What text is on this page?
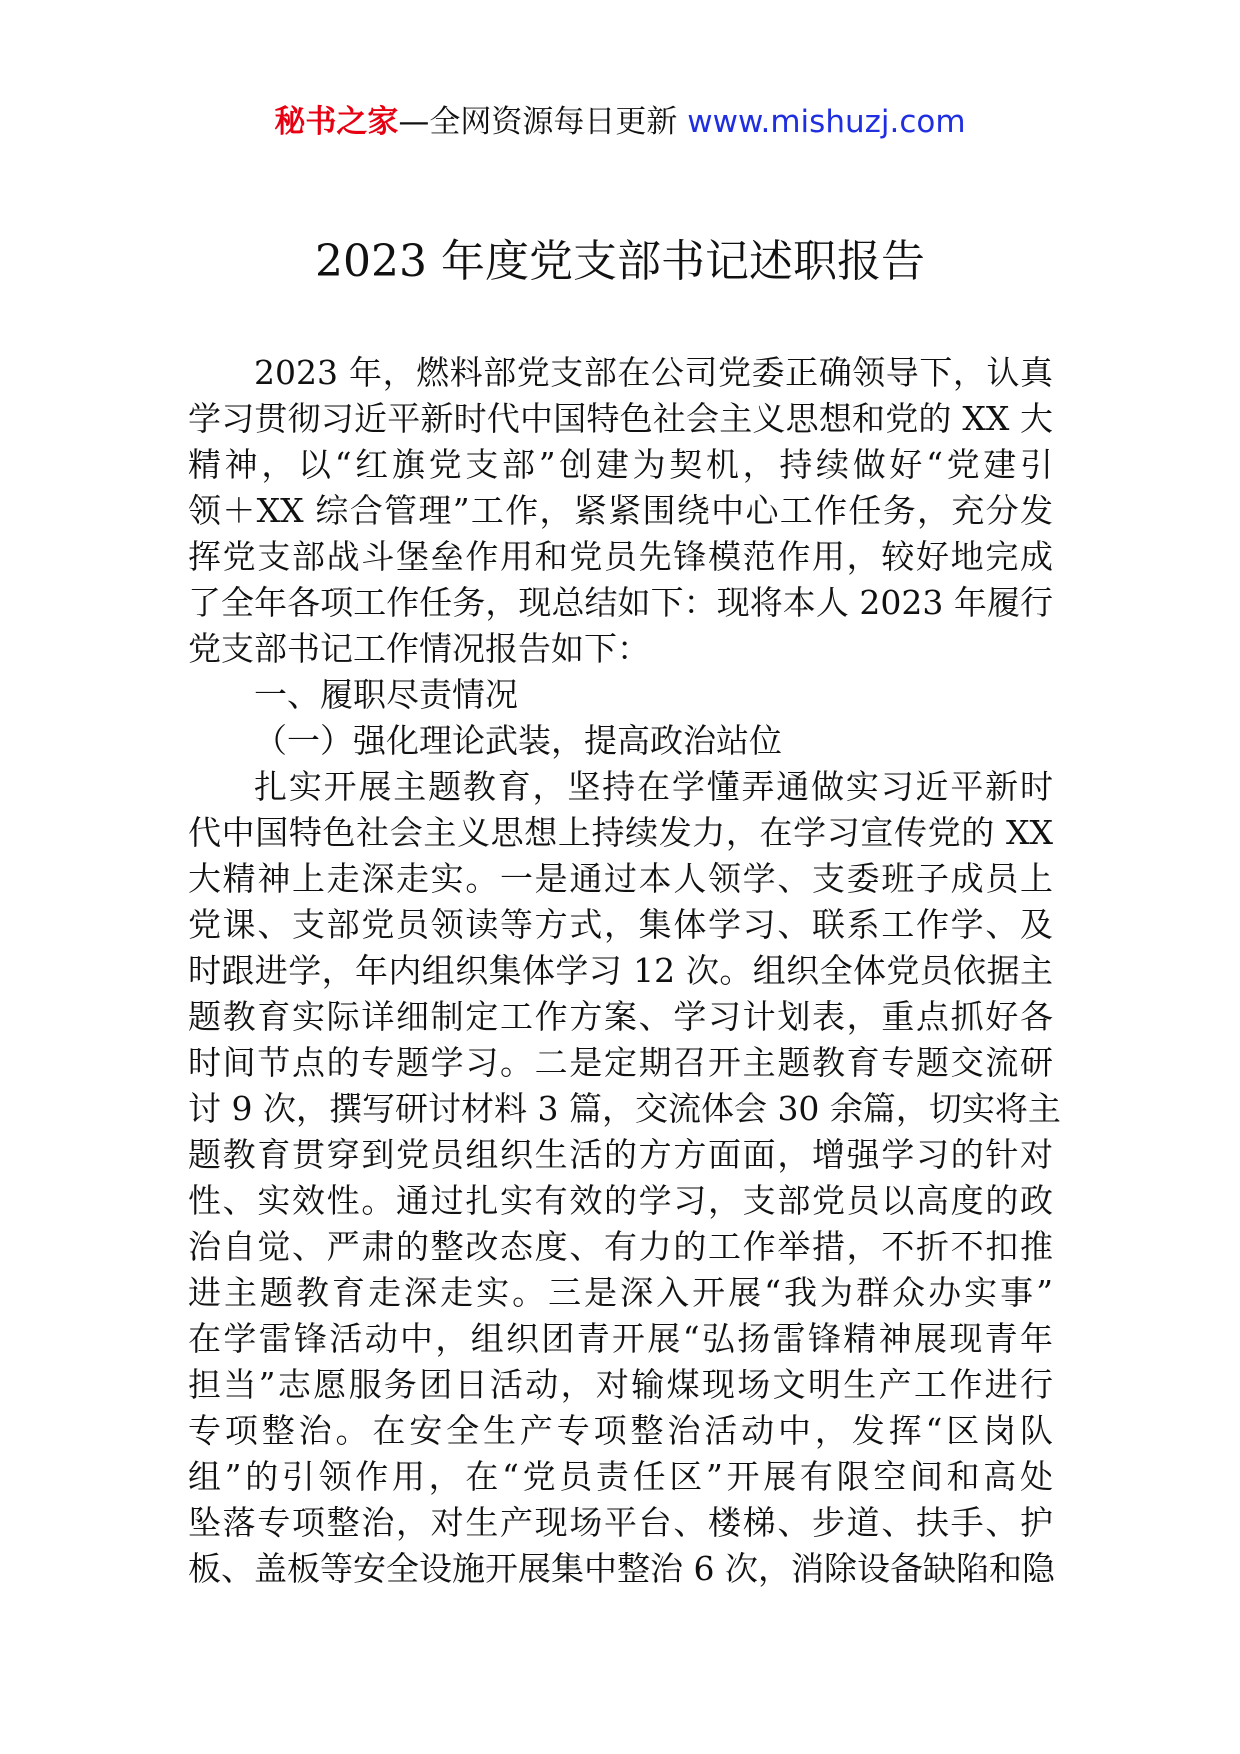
秘书之家—全网资源每日更新 www.mishuzj.com
2023 年度党支部书记述职报告
2023 年，燃料部党支部在公司党委正确领导下，认真
学习贯彻习近平新时代中国特色社会主义思想和党的 XX 大
精神，以“红旗党支部”创建为契机，持续做好“党建引
领＋XX 综合管理”工作，紧紧围绕中心工作任务，充分发
挥党支部战斗堡垒作用和党员先锋模范作用，较好地完成
了全年各项工作任务，现总结如下：现将本人 2023 年履行
党支部书记工作情况报告如下：
一、履职尽责情况
（一）强化理论武装，提高政治站位
扎实开展主题教育，坚持在学懂弄通做实习近平新时
代中国特色社会主义思想上持续发力，在学习宣传党的 XX
大精神上走深走实。一是通过本人领学、支委班子成员上
党课、支部党员领读等方式，集体学习、联系工作学、及
时跟进学，年内组织集体学习 12 次。组织全体党员依据主
题教育实际详细制定工作方案、学习计划表，重点抓好各
时间节点的专题学习。二是定期召开主题教育专题交流研
讨 9 次，撰写研讨材料 3 篇，交流体会 30 余篇，切实将主
题教育贯穿到党员组织生活的方方面面，增强学习的针对
性、实效性。通过扎实有效的学习，支部党员以高度的政
治自觉、严肃的整改态度、有力的工作举措，不折不扣推
进主题教育走深走实。三是深入开展“我为群众办实事”
在学雷锋活动中，组织团青开展“弘扬雷锋精神展现青年
担当”志愿服务团日活动，对输煤现场文明生产工作进行
专项整治。在安全生产专项整治活动中，发挥“区岗队
组”的引领作用，在“党员责任区”开展有限空间和高处
坠落专项整治，对生产现场平台、楼梯、步道、扶手、护
板、盖板等安全设施开展集中整治 6 次，消除设备缺陷和隐
